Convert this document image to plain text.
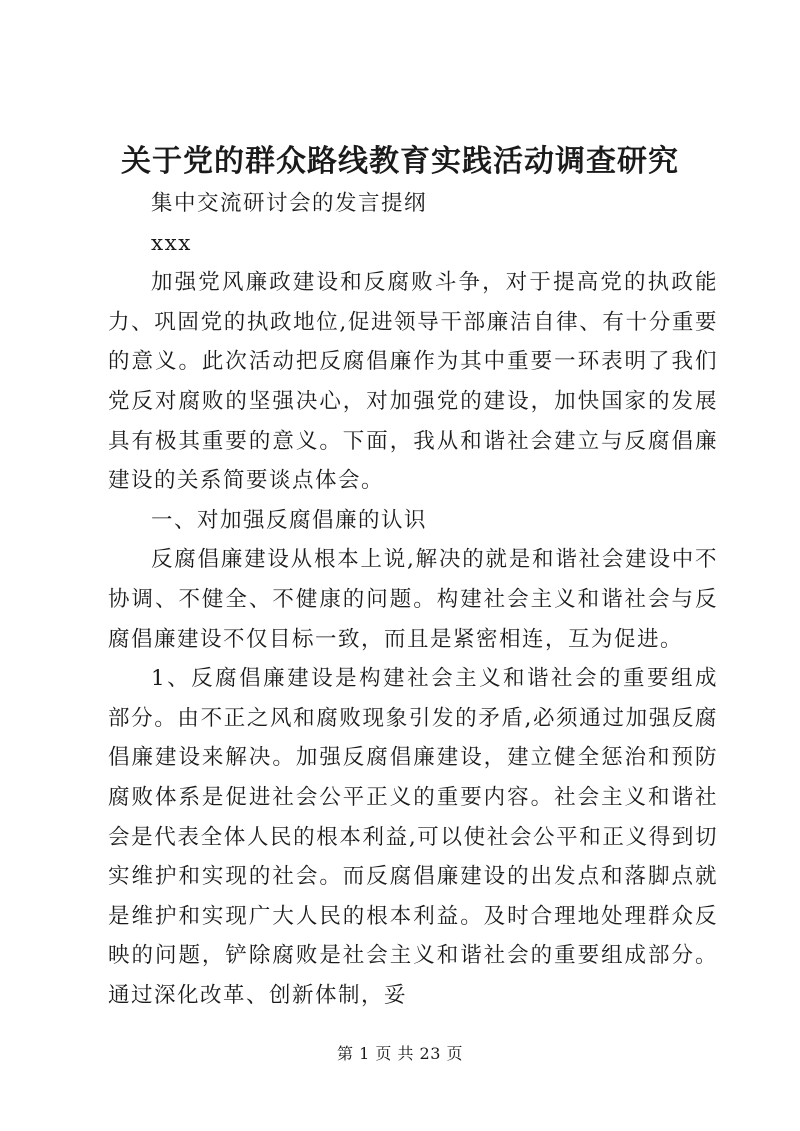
关于党的群众路线教育实践活动调查研究

集中交流研讨会的发言提纲

xxx

加强党风廉政建设和反腐败斗争，对于提高党的执政能力、巩固党的执政地位,促进领导干部廉洁自律、有十分重要的意义。此次活动把反腐倡廉作为其中重要一环表明了我们党反对腐败的坚强决心，对加强党的建设，加快国家的发展具有极其重要的意义。下面，我从和谐社会建立与反腐倡廉建设的关系简要谈点体会。

一、对加强反腐倡廉的认识

反腐倡廉建设从根本上说,解决的就是和谐社会建设中不协调、不健全、不健康的问题。构建社会主义和谐社会与反腐倡廉建设不仅目标一致，而且是紧密相连，互为促进。

1、反腐倡廉建设是构建社会主义和谐社会的重要组成部分。由不正之风和腐败现象引发的矛盾,必须通过加强反腐倡廉建设来解决。加强反腐倡廉建设，建立健全惩治和预防腐败体系是促进社会公平正义的重要内容。社会主义和谐社会是代表全体人民的根本利益,可以使社会公平和正义得到切实维护和实现的社会。而反腐倡廉建设的出发点和落脚点就是维护和实现广大人民的根本利益。及时合理地处理群众反映的问题，铲除腐败是社会主义和谐社会的重要组成部分。通过深化改革、创新体制，妥

第 1 页 共 23 页
